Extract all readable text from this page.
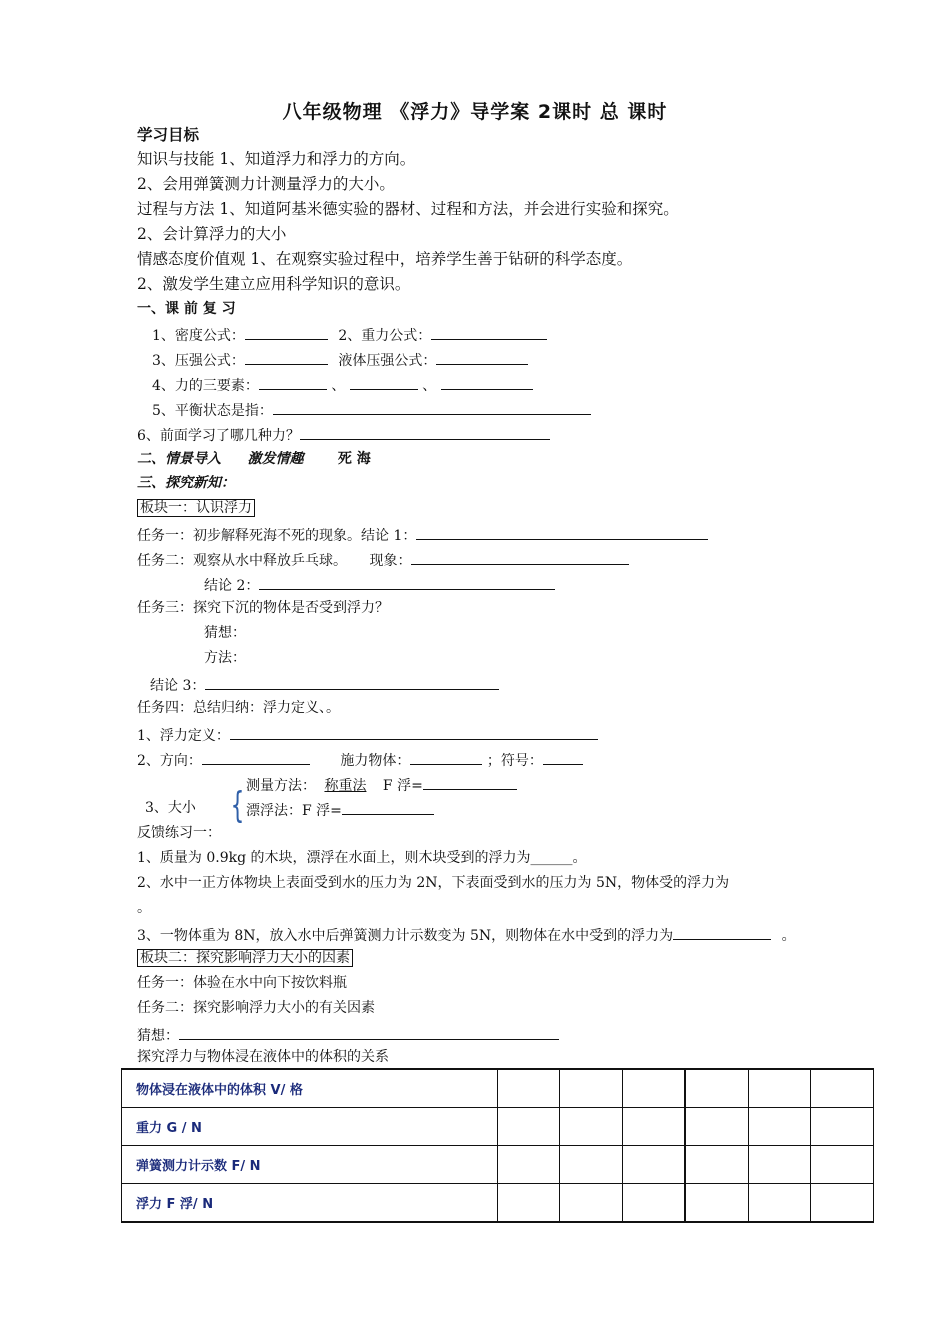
八年级物理 《浮力》导学案 2课时 总 课时
学习目标
知识与技能 1、知道浮力和浮力的方向。
2、会用弹簧测力计测量浮力的大小。
过程与方法 1、知道阿基米德实验的器材、过程和方法，并会进行实验和探究。
2、会计算浮力的大小
情感态度价值观 1、在观察实验过程中，培养学生善于钻研的科学态度。
2、激发学生建立应用科学知识的意识。
一、课 前 复 习
1、密度公式：	2、重力公式：
3、压强公式：	液体压强公式：
4、力的三要素：	、	、
5、平衡状态是指：
6、前面学习了哪几种力？
二、情景导入 激发情趣 死 海
三、探究新知：
板块一：认识浮力
任务一：初步解释死海不死的现象。结论 1：
任务二：观察从水中释放乒乓球。 现象：
结论 2：
任务三：探究下沉的物体是否受到浮力？
猜想：
方法：
结论 3：
任务四：总结归纳：浮力定义、。
1、浮力定义：
2、方向：	施力物体：	；符号：
测量方法： 称重法 F 浮=
{
3、大小	漂浮法：F 浮=
反馈练习一：
1、质量为 0.9kg 的木块，漂浮在水面上，则木块受到的浮力为______。
2、水中一正方体物块上表面受到水的压力为 2N，下表面受到水的压力为 5N，物体受的浮力为
。
3、一物体重为 8N，放入水中后弹簧测力计示数变为 5N，则物体在水中受到的浮力为	。
板块二：探究影响浮力大小的因素
任务一：体验在水中向下按饮料瓶
任务二：探究影响浮力大小的有关因素
猜想：
探究浮力与物体浸在液体中的体积的关系
物体浸在液体中的体积 V/ 格						
重力 G / N						
弹簧测力计示数 F/ N						
浮力 F 浮/ N						
